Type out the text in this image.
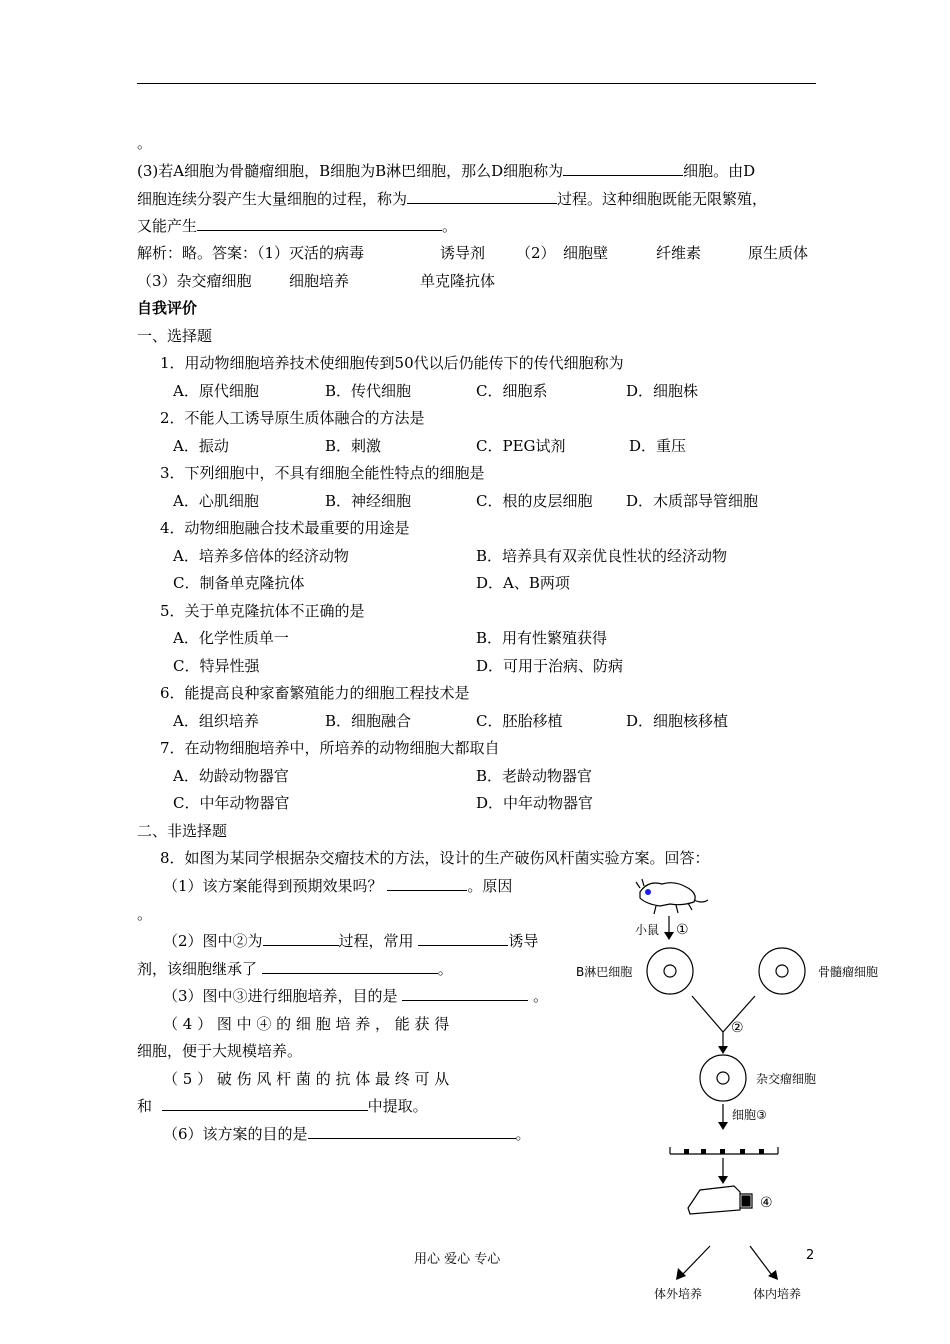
。
(3)若A细胞为骨髓瘤细胞，B细胞为B淋巴细胞，那么D细胞称为	细胞。由D
细胞连续分裂产生大量细胞的过程，称为	过程。这种细胞既能无限繁殖，
又能产生	。
解析：略。答案：（1）灭活的病毒	诱导剂 （2） 细胞壁	纤维素	原生质体
（3）杂交瘤细胞 细胞培养	单克隆抗体
自我评价
一、选择题
1．用动物细胞培养技术使细胞传到50代以后仍能传下的传代细胞称为
A．原代细胞	B．传代细胞	C．细胞系	D．细胞株
2．不能人工诱导原生质体融合的方法是
A．振动	B．刺激	C．PEG试剂	D．重压
3．下列细胞中，不具有细胞全能性特点的细胞是
A．心肌细胞	B．神经细胞	C．根的皮层细胞 D．木质部导管细胞
4．动物细胞融合技术最重要的用途是
A．培养多倍体的经济动物	B．培养具有双亲优良性状的经济动物
C．制备单克隆抗体	D．A、B两项
5．关于单克隆抗体不正确的是
A．化学性质单一	B．用有性繁殖获得
C．特异性强	D．可用于治病、防病
6．能提高良种家畜繁殖能力的细胞工程技术是
A．组织培养	B．细胞融合	C．胚胎移植	D．细胞核移植
7．在动物细胞培养中，所培养的动物细胞大都取自
A．幼龄动物器官	B．老龄动物器官
C．中年动物器官	D．中年动物器官
二、非选择题
8．如图为某同学根据杂交瘤技术的方法，设计的生产破伤风杆菌实验方案。回答：
（1）该方案能得到预期效果吗？	。原因
。
（2）图中②为	过程，常用	诱导
剂，该细胞继承了	。
（3）图中③进行细胞培养，目的是	。
（ 4 ） 图 中 ④ 的 细 胞 培 养 ， 能 获 得
细胞，便于大规模培养。
（ 5 ） 破 伤 风 杆 菌 的 抗 体 最 终 可 从
和	中提取。
（6）该方案的目的是	。
小鼠 ①
B淋巴细胞	骨髓瘤细胞
②
杂交瘤细胞
细胞③
④
体外培养	体内培养
用心 爱心 专心	2
